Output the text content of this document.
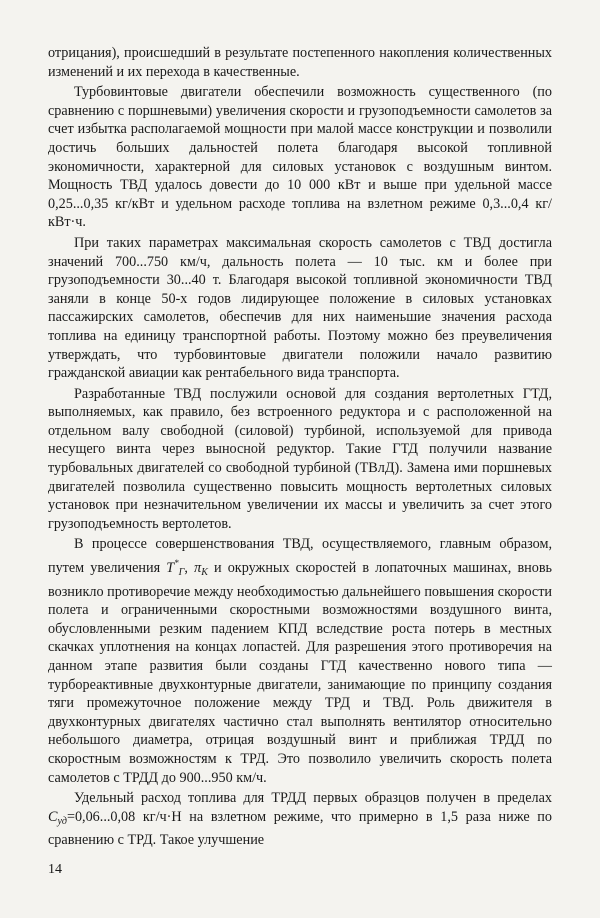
отрицания), происшедший в результате постепенного накопления количественных изменений и их перехода в качественные.

Турбовинтовые двигатели обеспечили возможность существенного (по сравнению с поршневыми) увеличения скорости и грузоподъемности самолетов за счет избытка располагаемой мощности при малой массе конструкции и позволили достичь больших дальностей полета благодаря высокой топливной экономичности, характерной для силовых установок с воздушным винтом. Мощность ТВД удалось довести до 10 000 кВт и выше при удельной массе 0,25...0,35 кг/кВт и удельном расходе топлива на взлетном режиме 0,3...0,4 кг/кВт·ч.

При таких параметрах максимальная скорость самолетов с ТВД достигла значений 700...750 км/ч, дальность полета — 10 тыс. км и более при грузоподъемности 30...40 т. Благодаря высокой топливной экономичности ТВД заняли в конце 50-х годов лидирующее положение в силовых установках пассажирских самолетов, обеспечив для них наименьшие значения расхода топлива на единицу транспортной работы. Поэтому можно без преувеличения утверждать, что турбовинтовые двигатели положили начало развитию гражданской авиации как рентабельного вида транспорта.

Разработанные ТВД послужили основой для создания вертолетных ГТД, выполняемых, как правило, без встроенного редуктора и с расположенной на отдельном валу свободной (силовой) турбиной, используемой для привода несущего винта через выносной редуктор. Такие ГТД получили название турбовальных двигателей со свободной турбиной (ТВлД). Замена ими поршневых двигателей позволила существенно повысить мощность вертолетных силовых установок при незначительном увеличении их массы и увеличить за счет этого грузоподъемность вертолетов.

В процессе совершенствования ТВД, осуществляемого, главным образом, путем увеличения $T^*_Г$, $\pi_К$ и окружных скоростей в лопаточных машинах, вновь возникло противоречие между необходимостью дальнейшего повышения скорости полета и ограниченными скоростными возможностями воздушного винта, обусловленными резким падением КПД вследствие роста потерь в местных скачках уплотнения на концах лопастей. Для разрешения этого противоречия на данном этапе развития были созданы ГТД качественно нового типа — турбореактивные двухконтурные двигатели, занимающие по принципу создания тяги промежуточное положение между ТРД и ТВД. Роль движителя в двухконтурных двигателях частично стал выполнять вентилятор относительно небольшого диаметра, отрицая воздушный винт и приближая ТРДД по скоростным возможностям к ТРД. Это позволило увеличить скорость полета самолетов с ТРДД до 900...950 км/ч.

Удельный расход топлива для ТРДД первых образцов получен в пределах $C_{уд}=0,06...0,08$ кг/ч·Н на взлетном режиме, что примерно в 1,5 раза ниже по сравнению с ТРД. Такое улучшение

14
